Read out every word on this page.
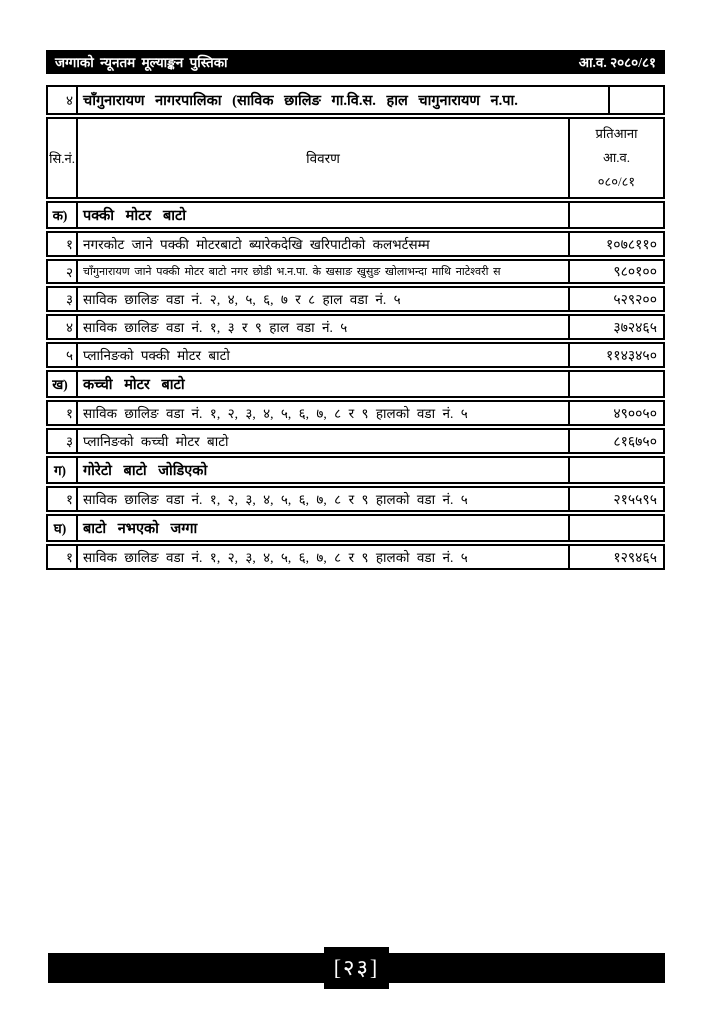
जग्गाको न्यूनतम मूल्याङ्कन पुस्तिका	आ.व. २०८०/८१
४ चाँगुनारायण नागरपालिका (साविक छालिङ गा.वि.स. हाल चागुनारायण न.पा.
सि.नं.	विवरण
प्रतिआना
आ.व.
०८०/८१
क)	पक्की मोटर बाटो
१ नगरकोट जाने पक्की मोटरबाटो ब्यारेकदेखि खरिपाटीको कलभर्टसम्म	१०७८११०
२ चाँगुनारायण जाने पक्की मोटर बाटो नगर छोडी भ.न.पा. के खसाङ खुसुङ खोलाभन्दा माथि नाटेश्वरी स	९८०१००
३ साविक छालिङ वडा नं. २, ४, ५, ६, ७ र ८ हाल वडा नं. ५	५२९२००
४ साविक छालिङ वडा नं. १, ३ र ९ हाल वडा नं. ५	३७२४६५
५ प्लानिङको पक्की मोटर बाटो	११४३४५०
ख)	कच्ची मोटर बाटो
१ साविक छालिङ वडा नं. १, २, ३, ४, ५, ६, ७, ८ र ९ हालको वडा नं. ५	४९००५०
३ प्लानिङको कच्ची मोटर बाटो	८१६७५०
ग)	गोरेटो बाटो जोडिएको
१ साविक छालिङ वडा नं. १, २, ३, ४, ५, ६, ७, ८ र ९ हालको वडा नं. ५	२१५५९५
घ)	बाटो नभएको जग्गा
१ साविक छालिङ वडा नं. १, २, ३, ४, ५, ६, ७, ८ र ९ हालको वडा नं. ५	१२९४६५
[२३]
